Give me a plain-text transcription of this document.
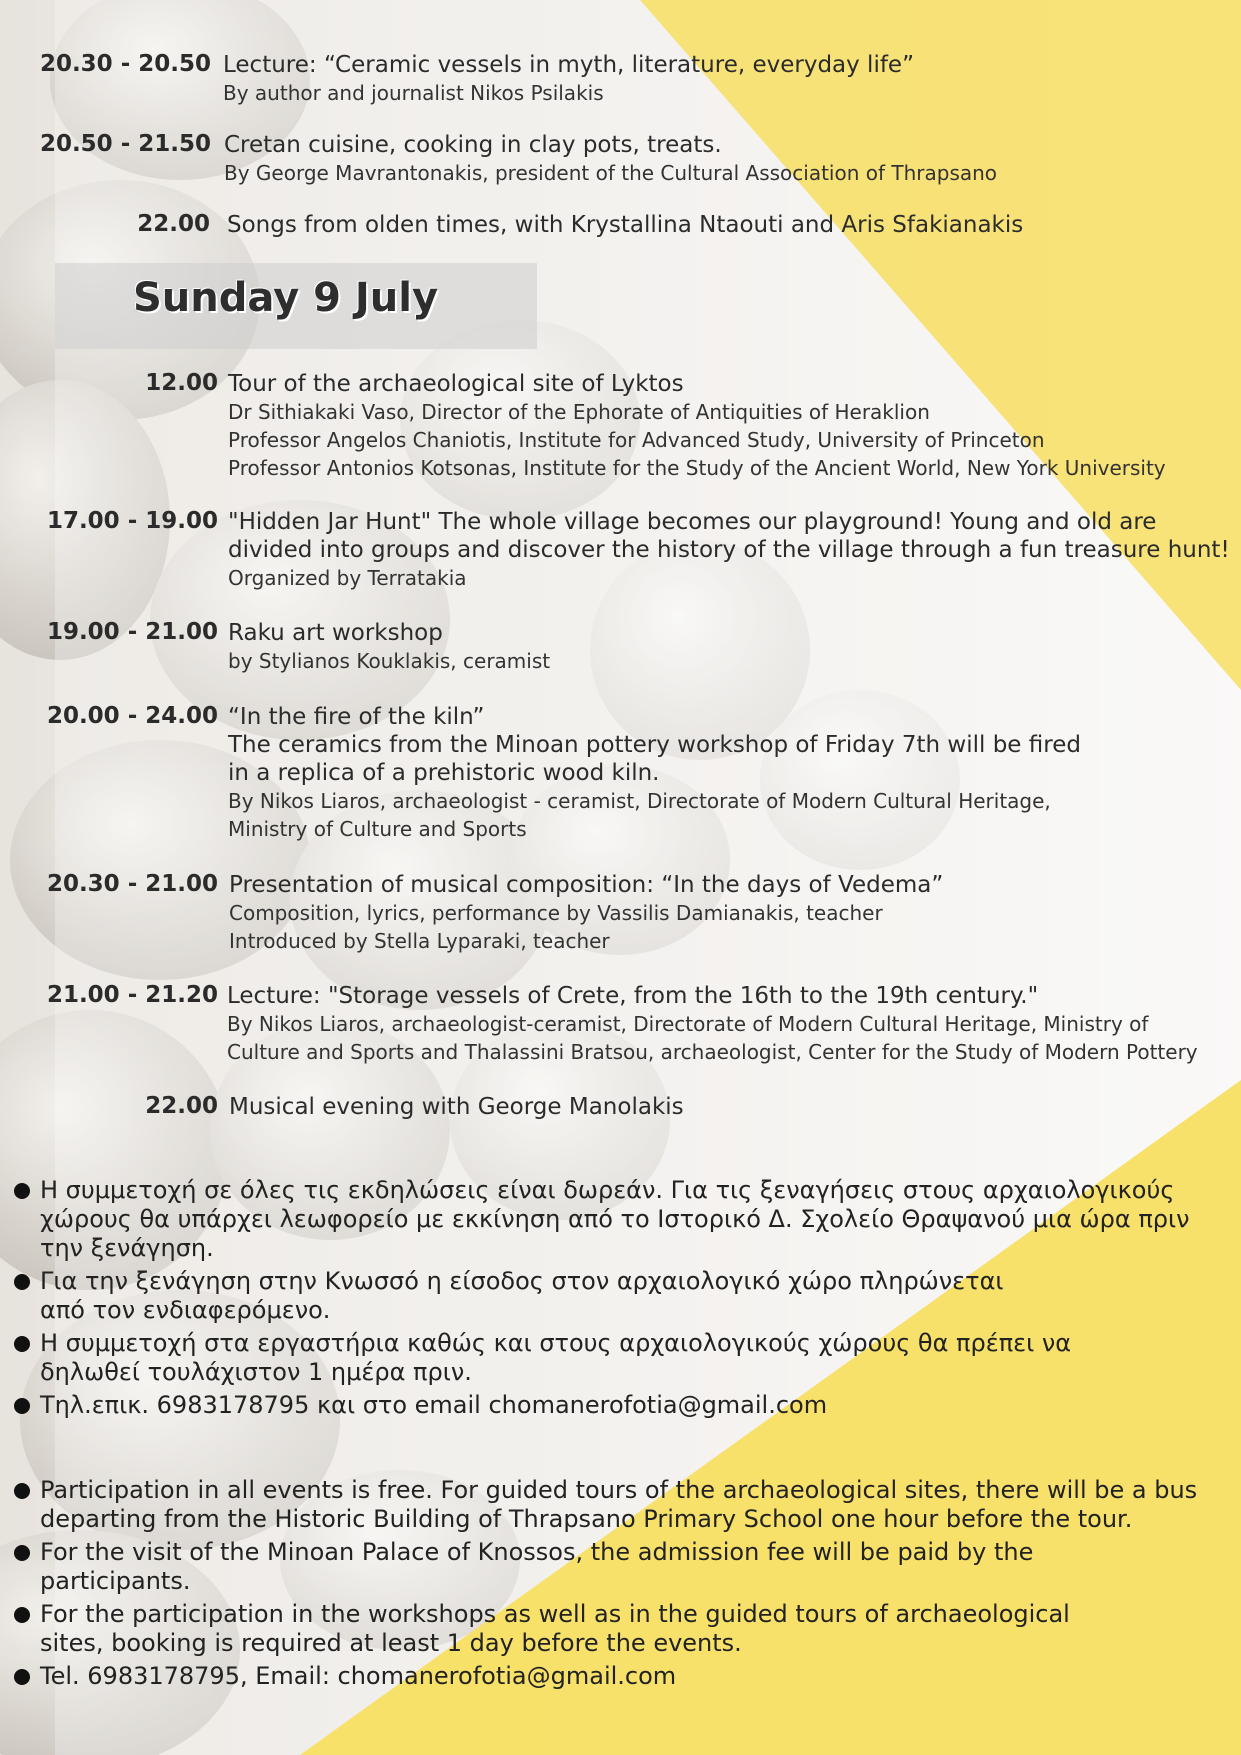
20.30 - 20.50 Lecture: “Ceramic vessels in myth, literature, everyday life”
By author and journalist Nikos Psilakis
20.50 - 21.50 Cretan cuisine, cooking in clay pots, treats.
By George Mavrantonakis, president of the Cultural Association of Thrapsano
22.00 Songs from olden times, with Krystallina Ntaouti and Aris Sfakianakis
Sunday 9 July
12.00 Tour of the archaeological site of Lyktos
Dr Sithiakaki Vaso, Director of the Ephorate of Antiquities of Heraklion
Professor Angelos Chaniotis, Institute for Advanced Study, University of Princeton
Professor Antonios Kotsonas, Institute for the Study of the Ancient World, New York University
17.00 - 19.00 "Hidden Jar Hunt" The whole village becomes our playground! Young and old are
divided into groups and discover the history of the village through a fun treasure hunt!
Organized by Terratakia
19.00 - 21.00 Raku art workshop
by Stylianos Kouklakis, ceramist
20.00 - 24.00 “In the fire of the kiln”
The ceramics from the Minoan pottery workshop of Friday 7th will be fired
in a replica of a prehistoric wood kiln.
By Nikos Liaros, archaeologist - ceramist, Directorate of Modern Cultural Heritage,
Ministry of Culture and Sports
20.30 - 21.00 Presentation of musical composition: “In the days of Vedema”
Composition, lyrics, performance by Vassilis Damianakis, teacher
Introduced by Stella Lyparaki, teacher
21.00 - 21.20 Lecture: "Storage vessels of Crete, from the 16th to the 19th century."
By Nikos Liaros, archaeologist-ceramist, Directorate of Modern Cultural Heritage, Ministry of
Culture and Sports and Thalassini Bratsou, archaeologist, Center for the Study of Modern Pottery
22.00 Musical evening with George Manolakis
Η συμμετοχή σε όλες τις εκδηλώσεις είναι δωρεάν. Για τις ξεναγήσεις στους αρχαιολογικούς χώρους θα υπάρχει λεωφορείο με εκκίνηση από το Ιστορικό Δ. Σχολείο Θραψανού μια ώρα πριν την ξενάγηση.
Για την ξενάγηση στην Κνωσσό η είσοδος στον αρχαιολογικό χώρο πληρώνεται από τον ενδιαφερόμενο.
Η συμμετοχή στα εργαστήρια καθώς και στους αρχαιολογικούς χώρους θα πρέπει να δηλωθεί τουλάχιστον 1 ημέρα πριν.
Τηλ.επικ. 6983178795 και στο email chomanerofotia@gmail.com
Participation in all events is free. For guided tours of the archaeological sites, there will be a bus departing from the Historic Building of Thrapsano Primary School one hour before the tour.
For the visit of the Minoan Palace of Knossos, the admission fee will be paid by the participants.
For the participation in the workshops as well as in the guided tours of archaeological sites, booking is required at least 1 day before the events.
Tel. 6983178795, Email: chomanerofotia@gmail.com
